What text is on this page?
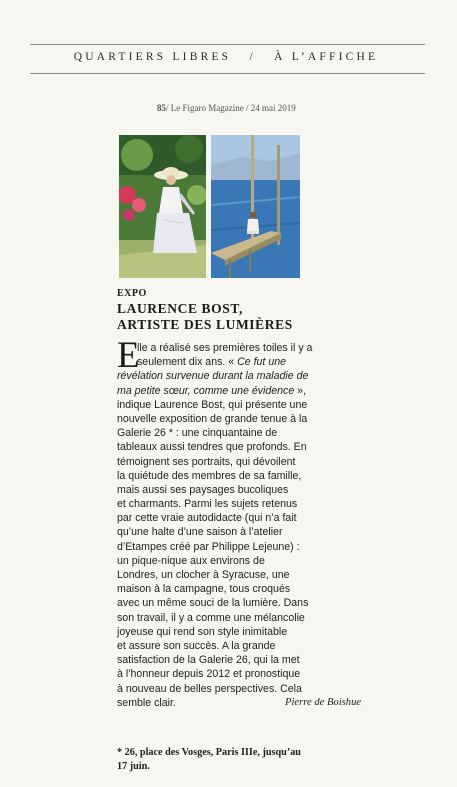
QUARTIERS LIBRES / À L’AFFICHE
85/ Le Figaro Magazine / 24 mai 2019
EXPO
LAURENCE BOST,
ARTISTE DES LUMIÈRES
E
lle a réalisé ses premières toiles il y a
seulement dix ans. « Ce fut une
révélation survenue durant la maladie de
ma petite sœur, comme une évidence »,
indique Laurence Bost, qui présente une
nouvelle exposition de grande tenue à la
Galerie 26 * : une cinquantaine de
tableaux aussi tendres que profonds. En
témoignent ses portraits, qui dévoilent
la quiétude des membres de sa famille,
mais aussi ses paysages bucoliques
et charmants. Parmi les sujets retenus
par cette vraie autodidacte (qui n’a fait
qu’une halte d’une saison à l’atelier
d’Etampes créé par Philippe Lejeune) :
un pique-nique aux environs de
Londres, un clocher à Syracuse, une
maison à la campagne, tous croqués
avec un même souci de la lumière. Dans
son travail, il y a comme une mélancolie
joyeuse qui rend son style inimitable
et assure son succès. A la grande
satisfaction de la Galerie 26, qui la met
à l’honneur depuis 2012 et pronostique
à nouveau de belles perspectives. Cela
semble clair.	Pierre de Boishue
* 26, place des Vosges, Paris IIIe, jusqu’au
17 juin.
